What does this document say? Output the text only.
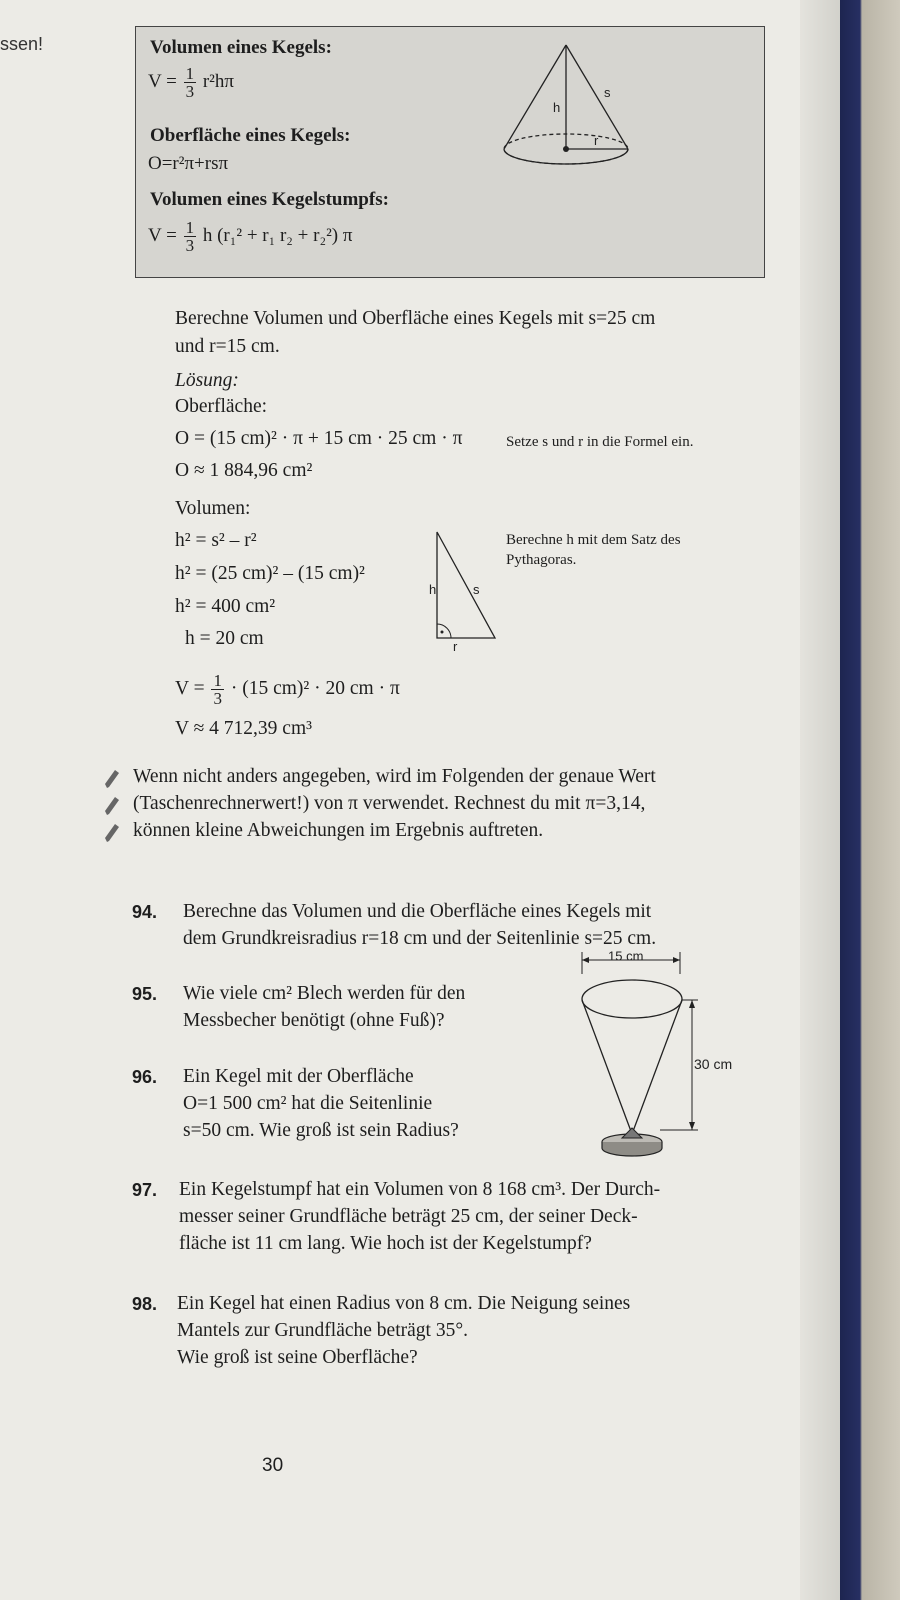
ssen!	Volumen eines Kegels:
$V = \frac{1}{3} r^2h\pi$
Oberfläche eines Kegels:
O=r²π+rsπ
Volumen eines Kegelstumpfs:
$V = \frac{1}{3}$ h (r₁² + r₁ r₂ + r₂²) π
s
h
r
Berechne Volumen und Oberfläche eines Kegels mit s=25 cm
und r=15 cm.
Lösung:
Oberfläche:
O = (15 cm)² · π + 15 cm · 25 cm · π	Setze s und r in die Formel ein.
O ≈ 1 884,96 cm²
Volumen:
h² = s² – r²
h² = (25 cm)² – (15 cm)²
h² = 400 cm²
h = 20 cm
Berechne h mit dem Satz des
Pythagoras.
h	s
r
$V = \frac{1}{3} \cdot (15$ cm)² · 20 cm · π
V ≈ 4 712,39 cm³
Wenn nicht anders angegeben, wird im Folgenden der genaue Wert
(Taschenrechnerwert!) von π verwendet. Rechnest du mit π=3,14,
können kleine Abweichungen im Ergebnis auftreten.
94. Berechne das Volumen und die Oberfläche eines Kegels mit
dem Grundkreisradius r=18 cm und der Seitenlinie s=25 cm.
95. Wie viele cm² Blech werden für den
Messbecher benötigt (ohne Fuß)?
96. Ein Kegel mit der Oberfläche
O=1 500 cm² hat die Seitenlinie
s=50 cm. Wie groß ist sein Radius?
15 cm
30 cm
97. Ein Kegelstumpf hat ein Volumen von 8 168 cm³. Der Durch-
messer seiner Grundfläche beträgt 25 cm, der seiner Deck-
fläche ist 11 cm lang. Wie hoch ist der Kegelstumpf?
98. Ein Kegel hat einen Radius von 8 cm. Die Neigung seines
Mantels zur Grundfläche beträgt 35°.
Wie groß ist seine Oberfläche?
30
